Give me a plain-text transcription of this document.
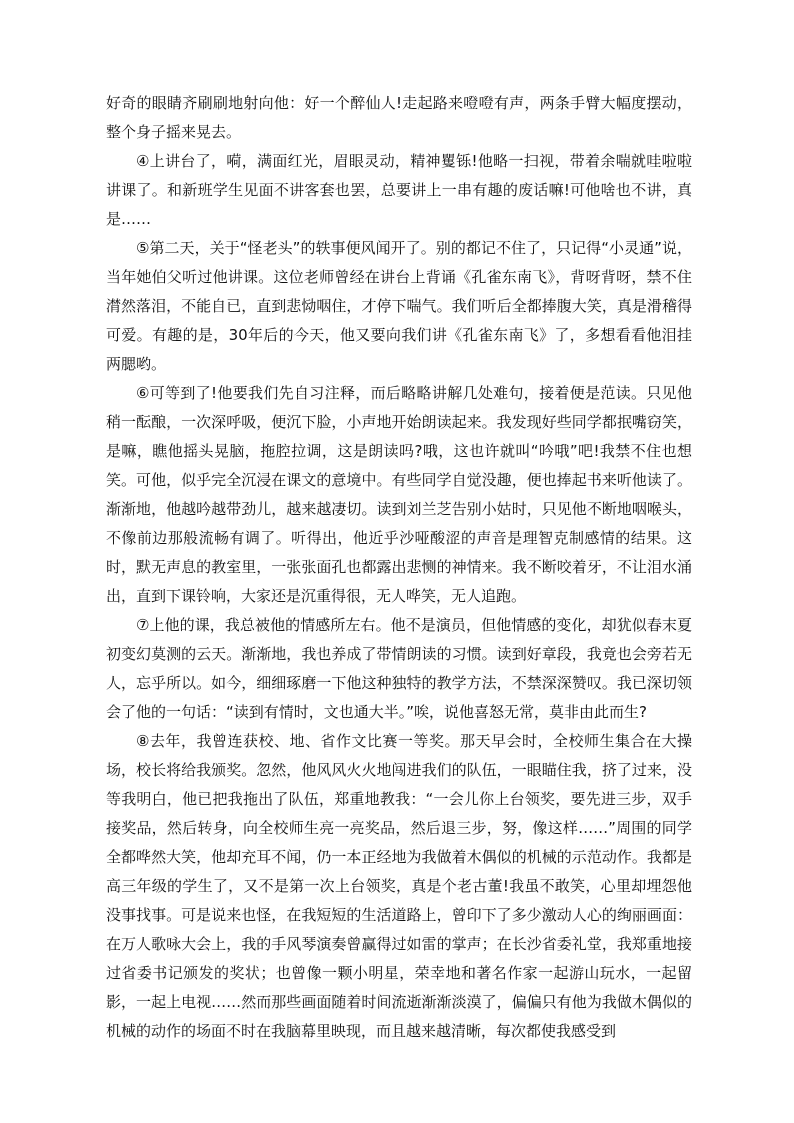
好奇的眼睛齐刷刷地射向他：好一个醉仙人!走起路来噔噔有声，两条手臂大幅度摆动，整个身子摇来晃去。

④上讲台了，嗬，满面红光，眉眼灵动，精神矍铄!他略一扫视，带着余喘就哇啦啦讲课了。和新班学生见面不讲客套也罢，总要讲上一串有趣的废话嘛!可他啥也不讲，真是……

⑤第二天，关于“怪老头”的轶事便风闻开了。别的都记不住了，只记得“小灵通”说，当年她伯父听过他讲课。这位老师曾经在讲台上背诵《孔雀东南飞》，背呀背呀，禁不住潸然落泪，不能自已，直到悲恸咽住，才停下喘气。我们听后全都捧腹大笑，真是滑稽得可爱。有趣的是，30年后的今天，他又要向我们讲《孔雀东南飞》了，多想看看他泪挂两腮哟。

⑥可等到了!他要我们先自习注释，而后略略讲解几处难句，接着便是范读。只见他稍一酝酿，一次深呼吸，便沉下脸，小声地开始朗读起来。我发现好些同学都抿嘴窃笑，是嘛，瞧他摇头晃脑，拖腔拉调，这是朗读吗?哦，这也许就叫“吟哦”吧!我禁不住也想笑。可他，似乎完全沉浸在课文的意境中。有些同学自觉没趣，便也捧起书来听他读了。渐渐地，他越吟越带劲儿，越来越凄切。读到刘兰芝告别小姑时，只见他不断地咽喉头，不像前边那般流畅有调了。听得出，他近乎沙哑酸涩的声音是理智克制感情的结果。这时，默无声息的教室里，一张张面孔也都露出悲恻的神情来。我不断咬着牙，不让泪水涌出，直到下课铃响，大家还是沉重得很，无人哗笑，无人追跑。

⑦上他的课，我总被他的情感所左右。他不是演员，但他情感的变化，却犹似春末夏初变幻莫测的云天。渐渐地，我也养成了带情朗读的习惯。读到好章段，我竟也会旁若无人，忘乎所以。如今，细细琢磨一下他这种独特的教学方法，不禁深深赞叹。我已深切领会了他的一句话：“读到有情时，文也通大半。”唉，说他喜怒无常，莫非由此而生?

⑧去年，我曾连获校、地、省作文比赛一等奖。那天早会时，全校师生集合在大操场，校长将给我颁奖。忽然，他风风火火地闯进我们的队伍，一眼瞄住我，挤了过来，没等我明白，他已把我拖出了队伍，郑重地教我：“一会儿你上台领奖，要先进三步，双手接奖品，然后转身，向全校师生亮一亮奖品，然后退三步，努，像这样……”周围的同学全都哗然大笑，他却充耳不闻，仍一本正经地为我做着木偶似的机械的示范动作。我都是高三年级的学生了，又不是第一次上台领奖，真是个老古董!我虽不敢笑，心里却埋怨他没事找事。可是说来也怪，在我短短的生活道路上，曾印下了多少激动人心的绚丽画面：在万人歌咏大会上，我的手风琴演奏曾赢得过如雷的掌声；在长沙省委礼堂，我郑重地接过省委书记颁发的奖状；也曾像一颗小明星，荣幸地和著名作家一起游山玩水，一起留影，一起上电视……然而那些画面随着时间流逝渐渐淡漠了，偏偏只有他为我做木偶似的机械的动作的场面不时在我脑幕里映现，而且越来越清晰，每次都使我感受到
